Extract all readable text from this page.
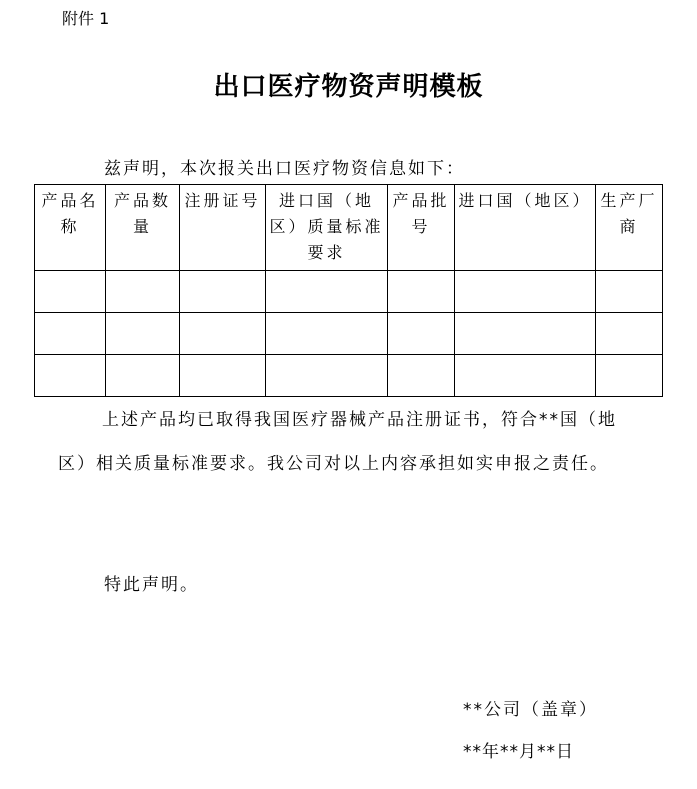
附件 1
出口医疗物资声明模板
兹声明，本次报关出口医疗物资信息如下：
产品名称	产品数量	注册证号	进口国（地区）质量标准要求	产品批号	进口国（地区）	生产厂商

上述产品均已取得我国医疗器械产品注册证书，符合**国（地区）相关质量标准要求。我公司对以上内容承担如实申报之责任。
特此声明。
**公司（盖章）
**年**月**日
